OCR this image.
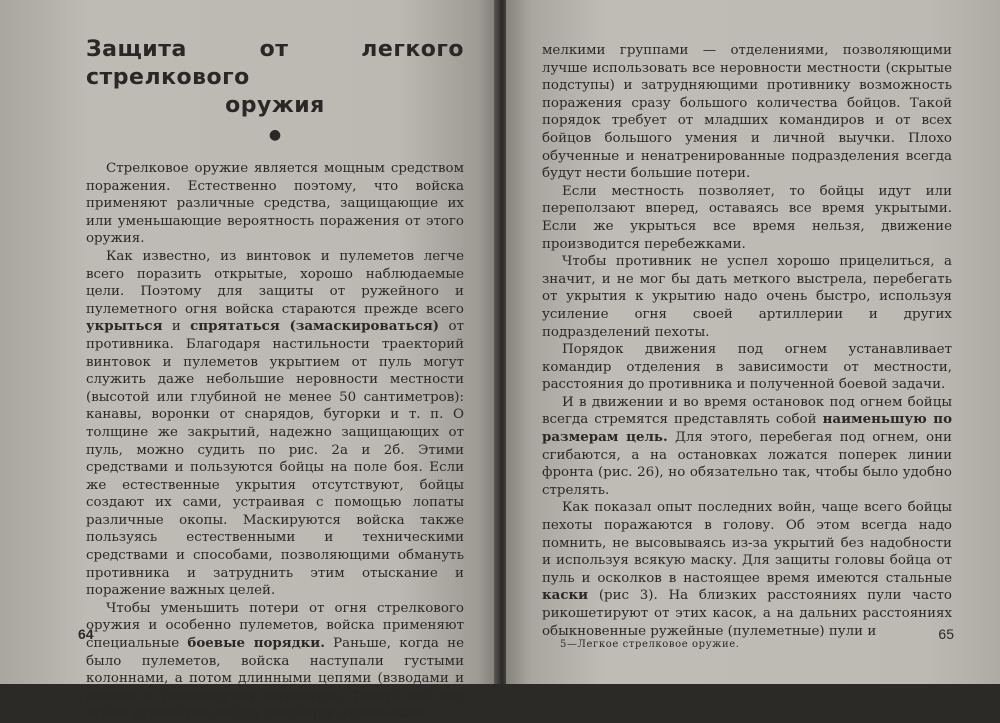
Защита от легкого стрелкового
оружия
●

Стрелковое оружие является мощным средством поражения. Естественно поэтому, что войска применяют различные средства, защищающие их или уменьшающие вероятность поражения от этого оружия.

Как известно, из винтовок и пулеметов легче всего поразить открытые, хорошо наблюдаемые цели. Поэтому для защиты от ружейного и пулеметного огня войска стараются прежде всего укрыться и спрятаться (замаскироваться) от противника. Благодаря настильности траекторий винтовок и пулеметов укрытием от пуль могут служить даже небольшие неровности местности (высотой или глубиной не менее 50 сантиметров): канавы, воронки от снарядов, бугорки и т. п. О толщине же закрытий, надежно защищающих от пуль, можно судить по рис. 2а и 2б. Этими средствами и пользуются бойцы на поле боя. Если же естественные укрытия отсутствуют, бойцы создают их сами, устраивая с помощью лопаты различные окопы. Маскируются войска также пользуясь естественными и техническими средствами и способами, позволяющими обмануть противника и затруднить этим отыскание и поражение важных целей.

Чтобы уменьшить потери от огня стрелкового оружия и особенно пулеметов, войска применяют специальные боевые порядки. Раньше, когда не было пулеметов, войска наступали густыми колоннами, а потом длинными цепями (взводами и ротами в разомкнутых шеренгах). Теперь же под огнем пулеметов пехота двигается отдельными

64

мелкими группами — отделениями, позволяющими лучше использовать все неровности местности (скрытые подступы) и затрудняющими противнику возможность поражения сразу большого количества бойцов. Такой порядок требует от младших командиров и от всех бойцов большого умения и личной выучки. Плохо обученные и ненатренированные подразделения всегда будут нести большие потери.

Если местность позволяет, то бойцы идут или переползают вперед, оставаясь все время укрытыми. Если же укрыться все время нельзя, движение производится перебежками.

Чтобы противник не успел хорошо прицелиться, а значит, и не мог бы дать меткого выстрела, перебегать от укрытия к укрытию надо очень быстро, используя усиление огня своей артиллерии и других подразделений пехоты.

Порядок движения под огнем устанавливает командир отделения в зависимости от местности, расстояния до противника и полученной боевой задачи.

И в движении и во время остановок под огнем бойцы всегда стремятся представлять собой наименьшую по размерам цель. Для этого, перебегая под огнем, они сгибаются, а на остановках ложатся поперек линии фронта (рис. 26), но обязательно так, чтобы было удобно стрелять.

Как показал опыт последних войн, чаще всего бойцы пехоты поражаются в голову. Об этом всегда надо помнить, не высовываясь из-за укрытий без надобности и используя всякую маску. Для защиты головы бойца от пуль и осколков в настоящее время имеются стальные каски (рис 3). На близких расстояниях пули часто рикошетируют от этих касок, а на дальних расстояниях обыкновенные ружейные (пулеметные) пули и

5—Легкое стрелковое оружие.
65
